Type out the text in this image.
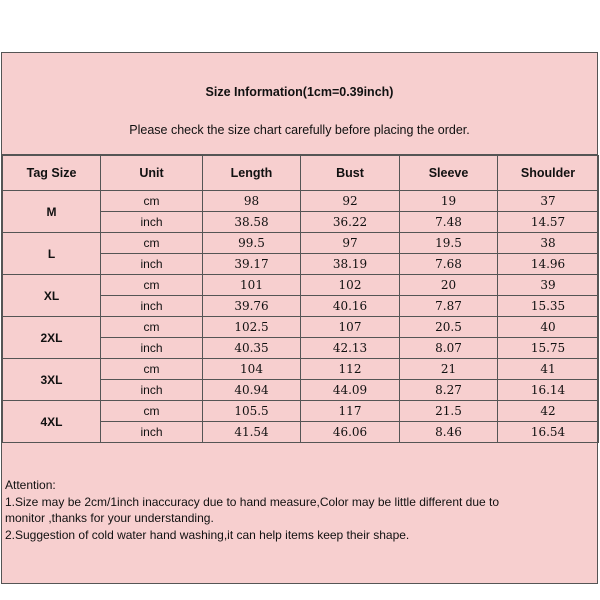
Size Information(1cm=0.39inch)
Please check the size chart carefully before placing the order.
Tag Size	Unit	Length	Bust	Sleeve	Shoulder
M	cm	98	92	19	37
	inch	38.58	36.22	7.48	14.57
L	cm	99.5	97	19.5	38
	inch	39.17	38.19	7.68	14.96
XL	cm	101	102	20	39
	inch	39.76	40.16	7.87	15.35
2XL	cm	102.5	107	20.5	40
	inch	40.35	42.13	8.07	15.75
3XL	cm	104	112	21	41
	inch	40.94	44.09	8.27	16.14
4XL	cm	105.5	117	21.5	42
	inch	41.54	46.06	8.46	16.54
Attention:
1.Size may be 2cm/1inch inaccuracy due to hand measure,Color may be little different due to
monitor ,thanks for your understanding.
2.Suggestion of cold water hand washing,it can help items keep their shape.
